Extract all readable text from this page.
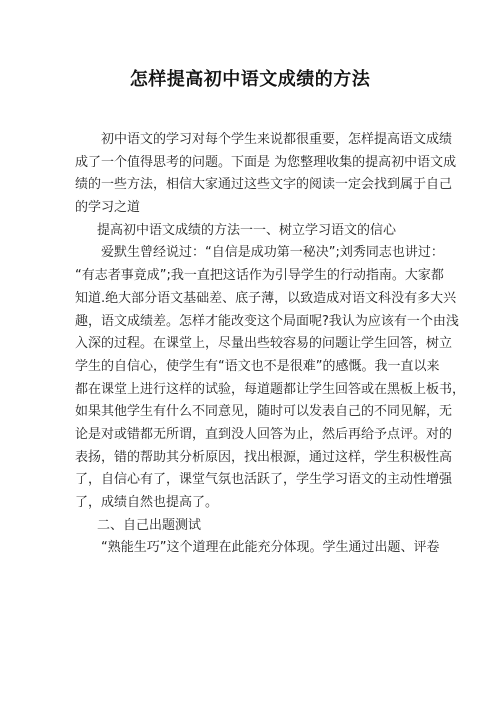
怎样提高初中语文成绩的方法
初中语文的学习对每个学生来说都很重要，怎样提高语文成绩
成了一个值得思考的问题。下面是 为您整理收集的提高初中语文成
绩的一些方法，相信大家通过这些文字的阅读一定会找到属于自己
的学习之道
提高初中语文成绩的方法一一、树立学习语文的信心
爱默生曾经说过：“自信是成功第一秘决”;刘秀同志也讲过：
“有志者事竟成”;我一直把这话作为引导学生的行动指南。大家都
知道.绝大部分语文基础差、底子薄，以致造成对语文科没有多大兴
趣，语文成绩差。怎样才能改变这个局面呢?我认为应该有一个由浅
入深的过程。在课堂上，尽量出些较容易的问题让学生回答，树立
学生的自信心，使学生有“语文也不是很难”的感慨。我一直以来
都在课堂上进行这样的试验，每道题都让学生回答或在黑板上板书，
如果其他学生有什么不同意见，随时可以发表自己的不同见解，无
论是对或错都无所谓，直到没人回答为止，然后再给予点评。对的
表扬，错的帮助其分析原因，找出根源，通过这样，学生积极性高
了，自信心有了，课堂气氛也活跃了，学生学习语文的主动性增强
了，成绩自然也提高了。
二、自己出题测试
“熟能生巧”这个道理在此能充分体现。学生通过出题、评卷
